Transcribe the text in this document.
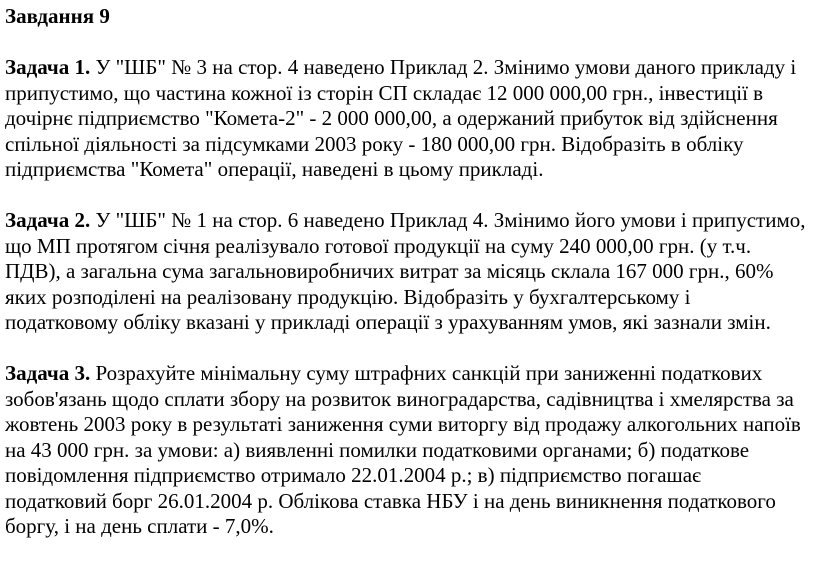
Завдання 9

Задача 1. У "ШБ" № 3 на стор. 4 наведено Приклад 2. Змінимо умови даного прикладу і припустимо, що частина кожної із сторін СП складає 12 000 000,00 грн., інвестиції в дочірнє підприємство "Комета-2" - 2 000 000,00, а одержаний прибуток від здійснення спільної діяльності за підсумками 2003 року - 180 000,00 грн. Відобразіть в обліку підприємства "Комета" операції, наведені в цьому прикладі.

Задача 2. У "ШБ" № 1 на стор. 6 наведено Приклад 4. Змінимо його умови і припустимо, що МП протягом січня реалізувало готової продукції на суму 240 000,00 грн. (у т.ч. ПДВ), а загальна сума загальновиробничих витрат за місяць склала 167 000 грн., 60% яких розподілені на реалізовану продукцію. Відобразіть у бухгалтерському і податковому обліку вказані у прикладі операції з урахуванням умов, які зазнали змін.

Задача 3. Розрахуйте мінімальну суму штрафних санкцій при заниженні податкових зобов'язань щодо сплати збору на розвиток виноградарства, садівництва і хмелярства за жовтень 2003 року в результаті заниження суми виторгу від продажу алкогольних напоїв на 43 000 грн. за умови: а) виявленні помилки податковими органами; б) податкове повідомлення підприємство отримало 22.01.2004 р.; в) підприємство погашає податковий борг 26.01.2004 р. Облікова ставка НБУ і на день виникнення податкового боргу, і на день сплати - 7,0%.
